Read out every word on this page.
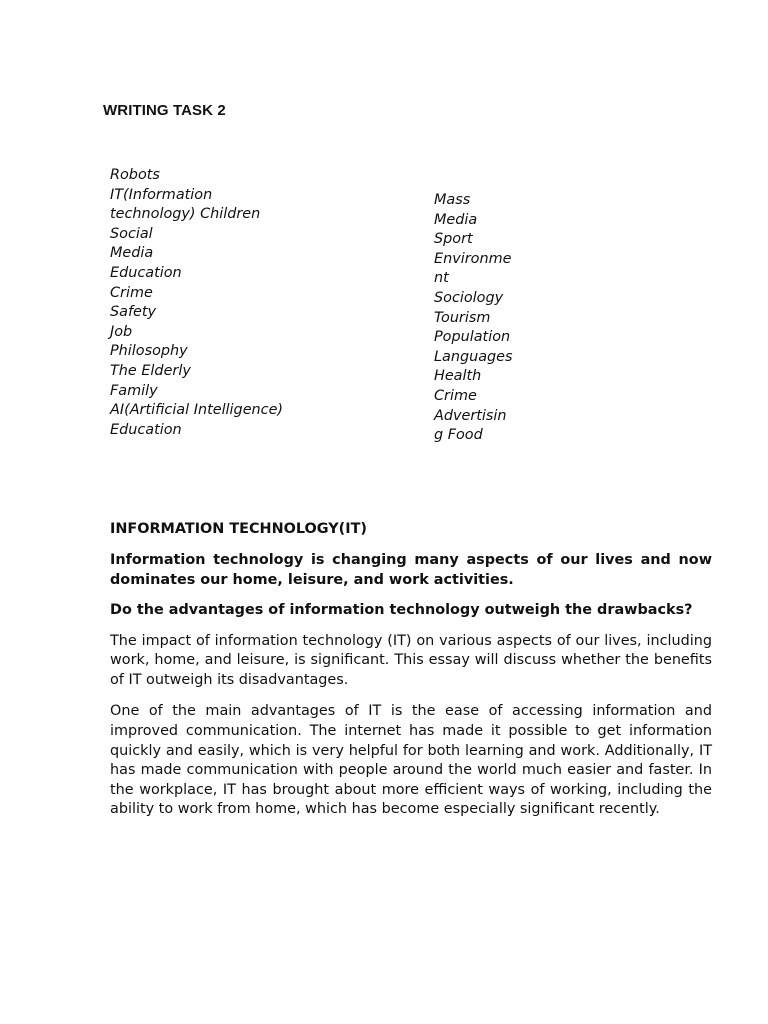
WRITING TASK 2
Robots
IT(Information technology) Children
Social
Media
Education
Crime
Safety
Job
Philosophy
The Elderly
Family
AI(Artificial Intelligence)
Education
Mass
Media
Sport
Environme
nt
Sociology
Tourism
Population
Languages
Health
Crime
Advertisin
g Food
INFORMATION TECHNOLOGY(IT)

Information technology is changing many aspects of our lives and now dominates our home, leisure, and work activities.

Do the advantages of information technology outweigh the drawbacks?

The impact of information technology (IT) on various aspects of our lives, including work, home, and leisure, is significant. This essay will discuss whether the benefits of IT outweigh its disadvantages.

One of the main advantages of IT is the ease of accessing information and improved communication. The internet has made it possible to get information quickly and easily, which is very helpful for both learning and work. Additionally, IT has made communication with people around the world much easier and faster. In the workplace, IT has brought about more efficient ways of working, including the ability to work from home, which has become especially significant recently.
